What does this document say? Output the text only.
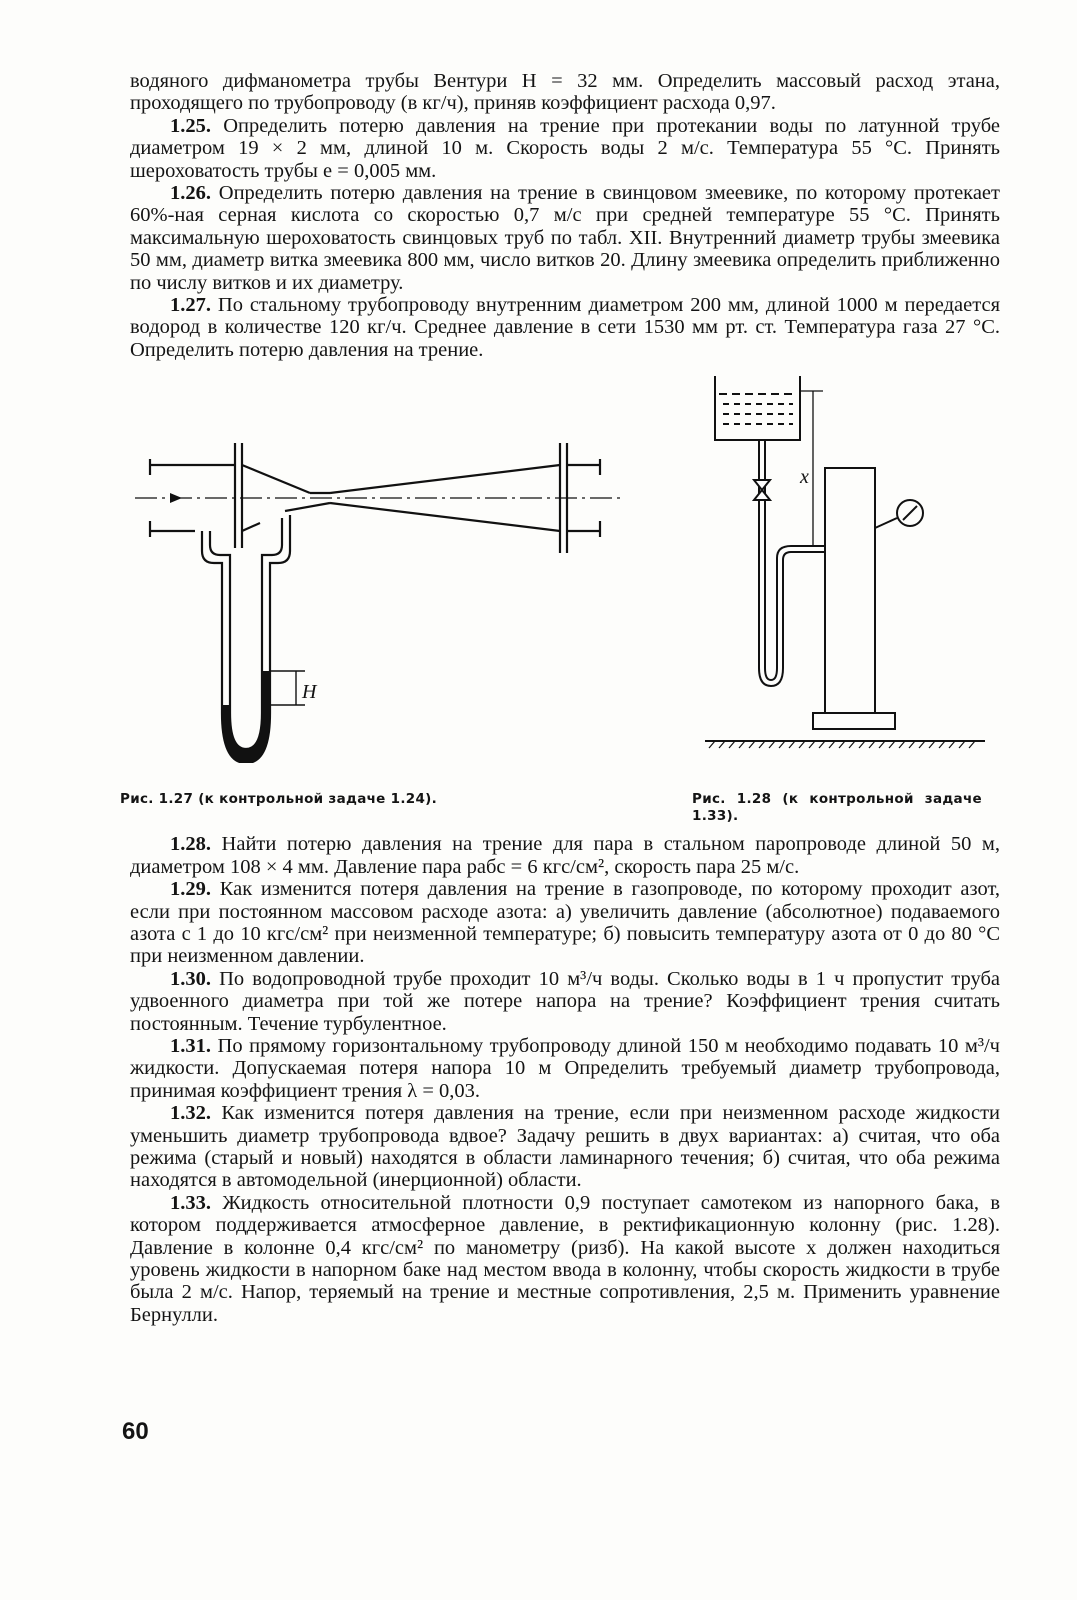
водяного дифманометра трубы Вентури H = 32 мм. Определить массовый расход этана, проходящего по трубопроводу (в кг/ч), приняв коэффициент расхода 0,97.

1.25. Определить потерю давления на трение при протекании воды по латунной трубе диаметром 19 × 2 мм, длиной 10 м. Скорость воды 2 м/с. Температура 55 °С. Принять шероховатость трубы e = 0,005 мм.

1.26. Определить потерю давления на трение в свинцовом змеевике, по которому протекает 60%-ная серная кислота со скоростью 0,7 м/с при средней температуре 55 °С. Принять максимальную шероховатость свинцовых труб по табл. XII. Внутренний диаметр трубы змеевика 50 мм, диаметр витка змеевика 800 мм, число витков 20. Длину змеевика определить приближенно по числу витков и их диаметру.

1.27. По стальному трубопроводу внутренним диаметром 200 мм, длиной 1000 м передается водород в количестве 120 кг/ч. Среднее давление в сети 1530 мм рт. ст. Температура газа 27 °С. Определить потерю давления на трение.

H
x
Рис. 1.27 (к контрольной задаче 1.24).	Рис. 1.28 (к контрольной задаче 1.33).

1.28. Найти потерю давления на трение для пара в стальном паропроводе длиной 50 м, диаметром 108 × 4 мм. Давление пара pабс = 6 кгс/см², скорость пара 25 м/с.

1.29. Как изменится потеря давления на трение в газопроводе, по которому проходит азот, если при постоянном массовом расходе азота: а) увеличить давление (абсолютное) подаваемого азота с 1 до 10 кгс/см² при неизменной температуре; б) повысить температуру азота от 0 до 80 °С при неизменном давлении.

1.30. По водопроводной трубе проходит 10 м³/ч воды. Сколько воды в 1 ч пропустит труба удвоенного диаметра при той же потере напора на трение? Коэффициент трения считать постоянным. Течение турбулентное.

1.31. По прямому горизонтальному трубопроводу длиной 150 м необходимо подавать 10 м³/ч жидкости. Допускаемая потеря напора 10 м Определить требуемый диаметр трубопровода, принимая коэффициент трения λ = 0,03.

1.32. Как изменится потеря давления на трение, если при неизменном расходе жидкости уменьшить диаметр трубопровода вдвое? Задачу решить в двух вариантах: а) считая, что оба режима (старый и новый) находятся в области ламинарного течения; б) считая, что оба режима находятся в автомодельной (инерционной) области.

1.33. Жидкость относительной плотности 0,9 поступает самотеком из напорного бака, в котором поддерживается атмосферное давление, в ректификационную колонну (рис. 1.28). Давление в колонне 0,4 кгс/см² по манометру (pизб). На какой высоте x должен находиться уровень жидкости в напорном баке над местом ввода в колонну, чтобы скорость жидкости в трубе была 2 м/с. Напор, теряемый на трение и местные сопротивления, 2,5 м. Применить уравнение Бернулли.

60
